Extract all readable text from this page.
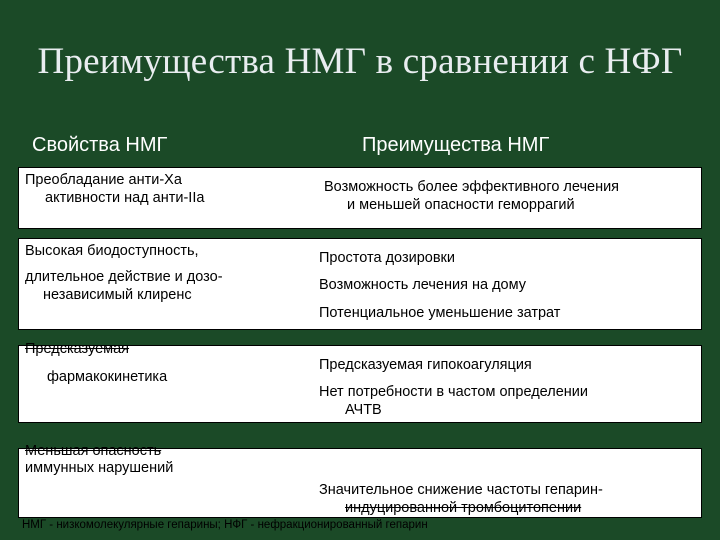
Преимущества НМГ в сравнении с НФГ
Свойства НМГ	Преимущества НМГ
Преобладание анти-Ха
активности над анти-IIa
Возможность более эффективного лечения
и меньшей опасности геморрагий
Высокая биодоступность,
длительное действие и дозо-
независимый клиренс
Простота дозировки
Возможность лечения на дому
Потенциальное уменьшение затрат
Предсказуемая
фармакокинетика
Предсказуемая гипокоагуляция
Нет потребности в частом определении
АЧТВ
Меньшая опасность
иммунных нарушений
Значительное снижение частоты гепарин-
индуцированной тромбоцитопении
НМГ - низкомолекулярные гепарины; НФГ - нефракционированный гепарин
